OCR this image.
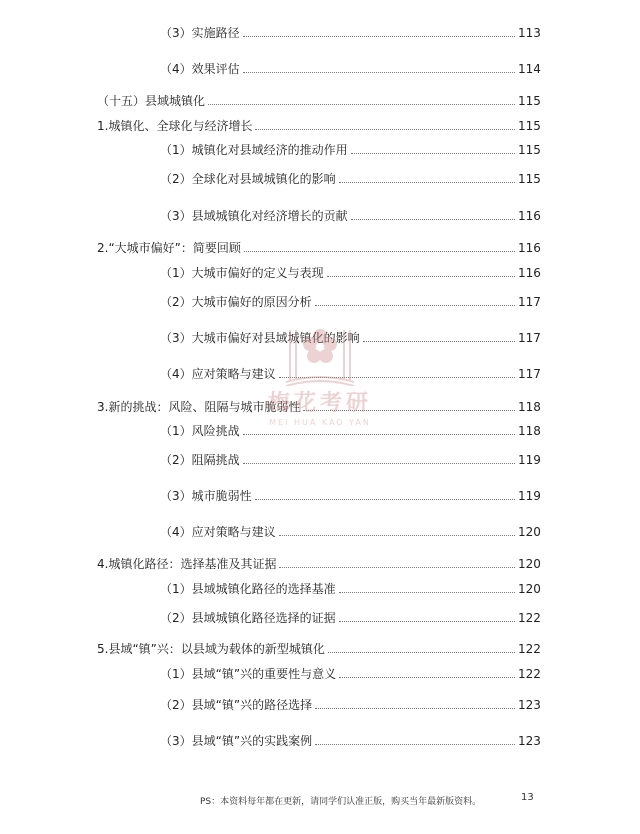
（3）实施路径	113
（4）效果评估	114
（十五）县域城镇化	115
1.城镇化、全球化与经济增长	115
（1）城镇化对县域经济的推动作用	115
（2）全球化对县域城镇化的影响	115
（3）县域城镇化对经济增长的贡献	116
2.“大城市偏好”：简要回顾	116
（1）大城市偏好的定义与表现	116
（2）大城市偏好的原因分析	117
（3）大城市偏好对县域城镇化的影响	117
（4）应对策略与建议	117
3.新的挑战：风险、阻隔与城市脆弱性	118
（1）风险挑战	118
（2）阻隔挑战	119
（3）城市脆弱性	119
（4）应对策略与建议	120
4.城镇化路径：选择基准及其证据	120
（1）县域城镇化路径的选择基准	120
（2）县域城镇化路径选择的证据	122
5.县域“镇”兴：以县域为载体的新型城镇化	122
（1）县域“镇”兴的重要性与意义	122
（2）县域“镇”兴的路径选择	123
（3）县域“镇”兴的实践案例	123
梅花考研
MEI HUA KAO YAN
PS：本资料每年都在更新，请同学们认准正版，购买当年最新版资料。	13
